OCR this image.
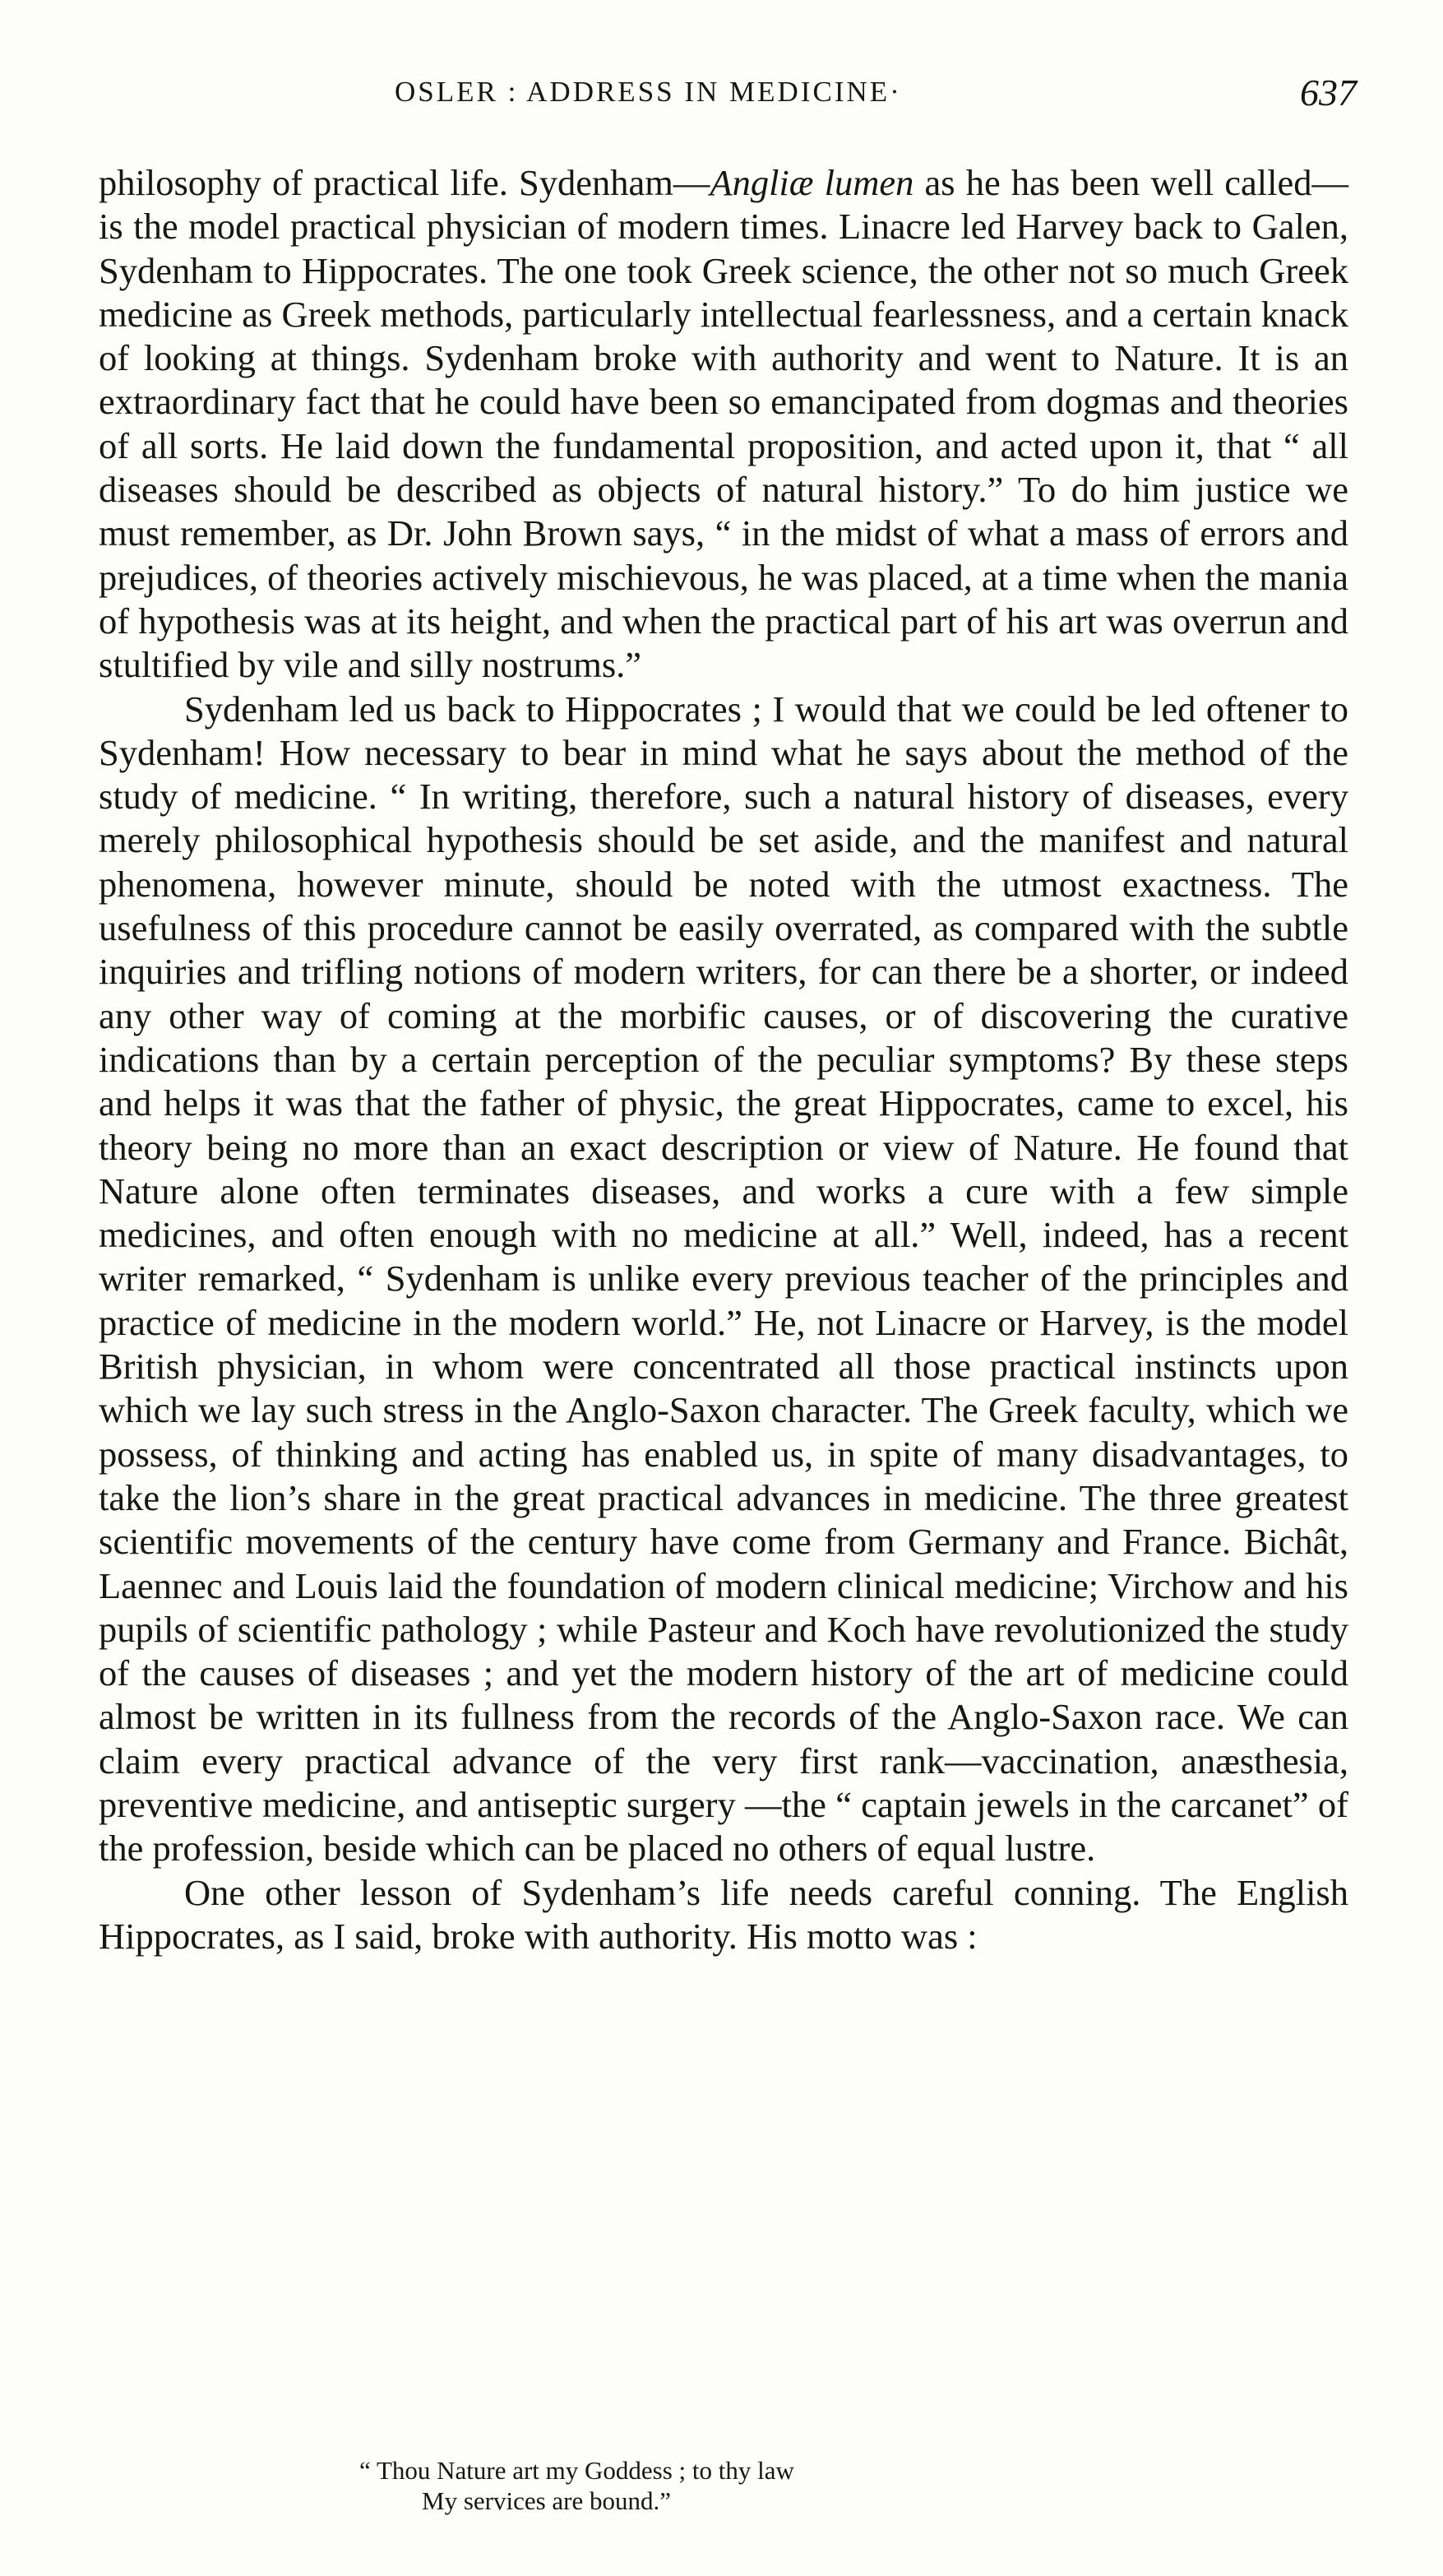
OSLER : ADDRESS IN MEDICINE·	637

philosophy of practical life. Sydenham—Angliæ lumen as he has been well called—is the model practical physician of modern times. Linacre led Harvey back to Galen, Sydenham to Hippocrates. The one took Greek science, the other not so much Greek medicine as Greek methods, particularly intellectual fearlessness, and a certain knack of looking at things. Sydenham broke with authority and went to Nature. It is an extraordinary fact that he could have been so emancipated from dogmas and theories of all sorts. He laid down the fundamental proposition, and acted upon it, that “ all diseases should be described as objects of natural history.” To do him justice we must remember, as Dr. John Brown says, “ in the midst of what a mass of errors and prejudices, of theories actively mischievous, he was placed, at a time when the mania of hypothesis was at its height, and when the practical part of his art was overrun and stultified by vile and silly nostrums.”

Sydenham led us back to Hippocrates ; I would that we could be led oftener to Sydenham! How necessary to bear in mind what he says about the method of the study of medicine. “ In writing, therefore, such a natural history of diseases, every merely philosophical hypothesis should be set aside, and the manifest and natural phenomena, however minute, should be noted with the utmost exactness. The usefulness of this procedure cannot be easily overrated, as compared with the subtle inquiries and trifling notions of modern writers, for can there be a shorter, or indeed any other way of coming at the morbific causes, or of discovering the curative indications than by a certain perception of the peculiar symptoms? By these steps and helps it was that the father of physic, the great Hippocrates, came to excel, his theory being no more than an exact description or view of Nature. He found that Nature alone often terminates diseases, and works a cure with a few simple medicines, and often enough with no medicine at all.” Well, indeed, has a recent writer remarked, “ Sydenham is unlike every previous teacher of the principles and practice of medicine in the modern world.” He, not Linacre or Harvey, is the model British physician, in whom were concentrated all those practical instincts upon which we lay such stress in the Anglo-Saxon character. The Greek faculty, which we possess, of thinking and acting has enabled us, in spite of many disadvantages, to take the lion’s share in the great practical advances in medicine. The three greatest scientific movements of the century have come from Germany and France. Bichât, Laennec and Louis laid the foundation of modern clinical medicine; Virchow and his pupils of scientific pathology ; while Pasteur and Koch have revolutionized the study of the causes of diseases ; and yet the modern history of the art of medicine could almost be written in its fullness from the records of the Anglo-Saxon race. We can claim every practical advance of the very first rank—vaccination, anæsthesia, preventive medicine, and antiseptic surgery —the “ captain jewels in the carcanet” of the profession, beside which can be placed no others of equal lustre.

One other lesson of Sydenham’s life needs careful conning. The English Hippocrates, as I said, broke with authority. His motto was :

“ Thou Nature art my Goddess ; to thy law
My services are bound.”
